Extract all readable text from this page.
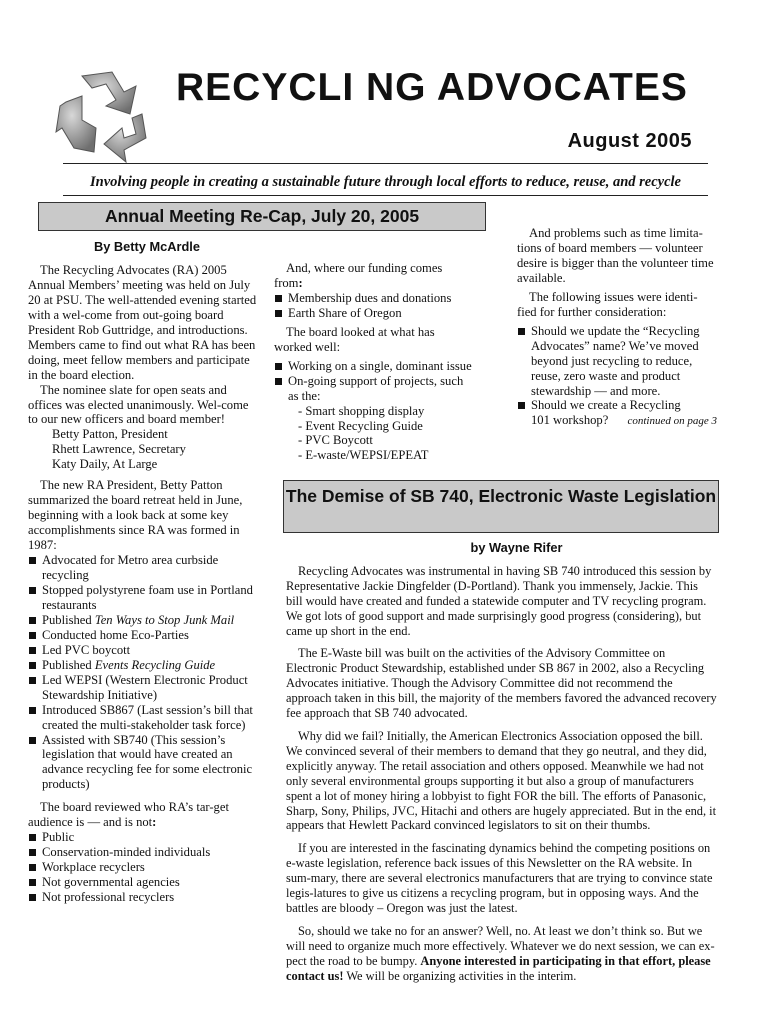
RECYCLI NG ADVOCATES
August 2005
Involving people in creating a sustainable future through local efforts to reduce, reuse, and recycle
Annual Meeting Re-Cap, July 20, 2005
By Betty McArdle

The Recycling Advocates (RA) 2005 Annual Members’ meeting was held on July 20 at PSU. The well-attended evening started with a wel-come from out-going board President Rob Guttridge, and introductions. Members came to find out what RA has been doing, meet fellow members and participate in the board election.

The nominee slate for open seats and offices was elected unanimously. Wel-come to our new officers and board member!

Betty Patton, President
Rhett Lawrence, Secretary
Katy Daily, At Large

The new RA President, Betty Patton summarized the board retreat held in June, beginning with a look back at some key accomplishments since RA was formed in 1987:

Advocated for Metro area curbside recycling
Stopped polystyrene foam use in Portland restaurants
Published Ten Ways to Stop Junk Mail
Conducted home Eco-Parties
Led PVC boycott
Published Events Recycling Guide
Led WEPSI (Western Electronic Product Stewardship Initiative)
Introduced SB867 (Last session’s bill that created the multi-stakeholder task force)
Assisted with SB740 (This session’s legislation that would have created an advance recycling fee for some electronic products)

The board reviewed who RA’s tar-get audience is — and is not:

Public
Conservation-minded individuals
Workplace recyclers
Not governmental agencies
Not professional recyclers

And, where our funding comes from:

Membership dues and donations
Earth Share of Oregon

The board looked at what has worked well:

Working on a single, dominant issue
On-going support of projects, such as the:
- Smart shopping display
- Event Recycling Guide
- PVC Boycott
- E-waste/WEPSI/EPEAT

And problems such as time limita-tions of board members — volunteer desire is bigger than the volunteer time available.

The following issues were identi-fied for further consideration:

Should we update the “Recycling Advocates” name? We’ve moved beyond just recycling to reduce, reuse, zero waste and product stewardship — and more.
Should we create a Recycling 101 workshop?	continued on page 3
The Demise of SB 740, Electronic Waste Legislation
by Wayne Rifer

Recycling Advocates was instrumental in having SB 740 introduced this session by Representative Jackie Dingfelder (D-Portland). Thank you immensely, Jackie. This bill would have created and funded a statewide computer and TV recycling program. We got lots of good support and made surprisingly good progress (considering), but came up short in the end.

The E-Waste bill was built on the activities of the Advisory Committee on Electronic Product Stewardship, established under SB 867 in 2002, also a Recycling Advocates initiative. Though the Advisory Committee did not recommend the approach taken in this bill, the majority of the members favored the advanced recovery fee approach that SB 740 advocated.

Why did we fail? Initially, the American Electronics Association opposed the bill. We convinced several of their members to demand that they go neutral, and they did, explicitly anyway. The retail association and others opposed. Meanwhile we had not only several environmental groups supporting it but also a group of manufacturers spent a lot of money hiring a lobbyist to fight FOR the bill. The efforts of Panasonic, Sharp, Sony, Philips, JVC, Hitachi and others are hugely appreciated. But in the end, it appears that Hewlett Packard convinced legislators to sit on their thumbs.

If you are interested in the fascinating dynamics behind the competing positions on e-waste legislation, reference back issues of this Newsletter on the RA website. In sum-mary, there are several electronics manufacturers that are trying to convince state legis-latures to give us citizens a recycling program, but in opposing ways. And the battles are bloody – Oregon was just the latest.

So, should we take no for an answer? Well, no. At least we don’t think so. But we will need to organize much more effectively. Whatever we do next session, we can ex-pect the road to be bumpy. Anyone interested in participating in that effort, please contact us! We will be organizing activities in the interim.
